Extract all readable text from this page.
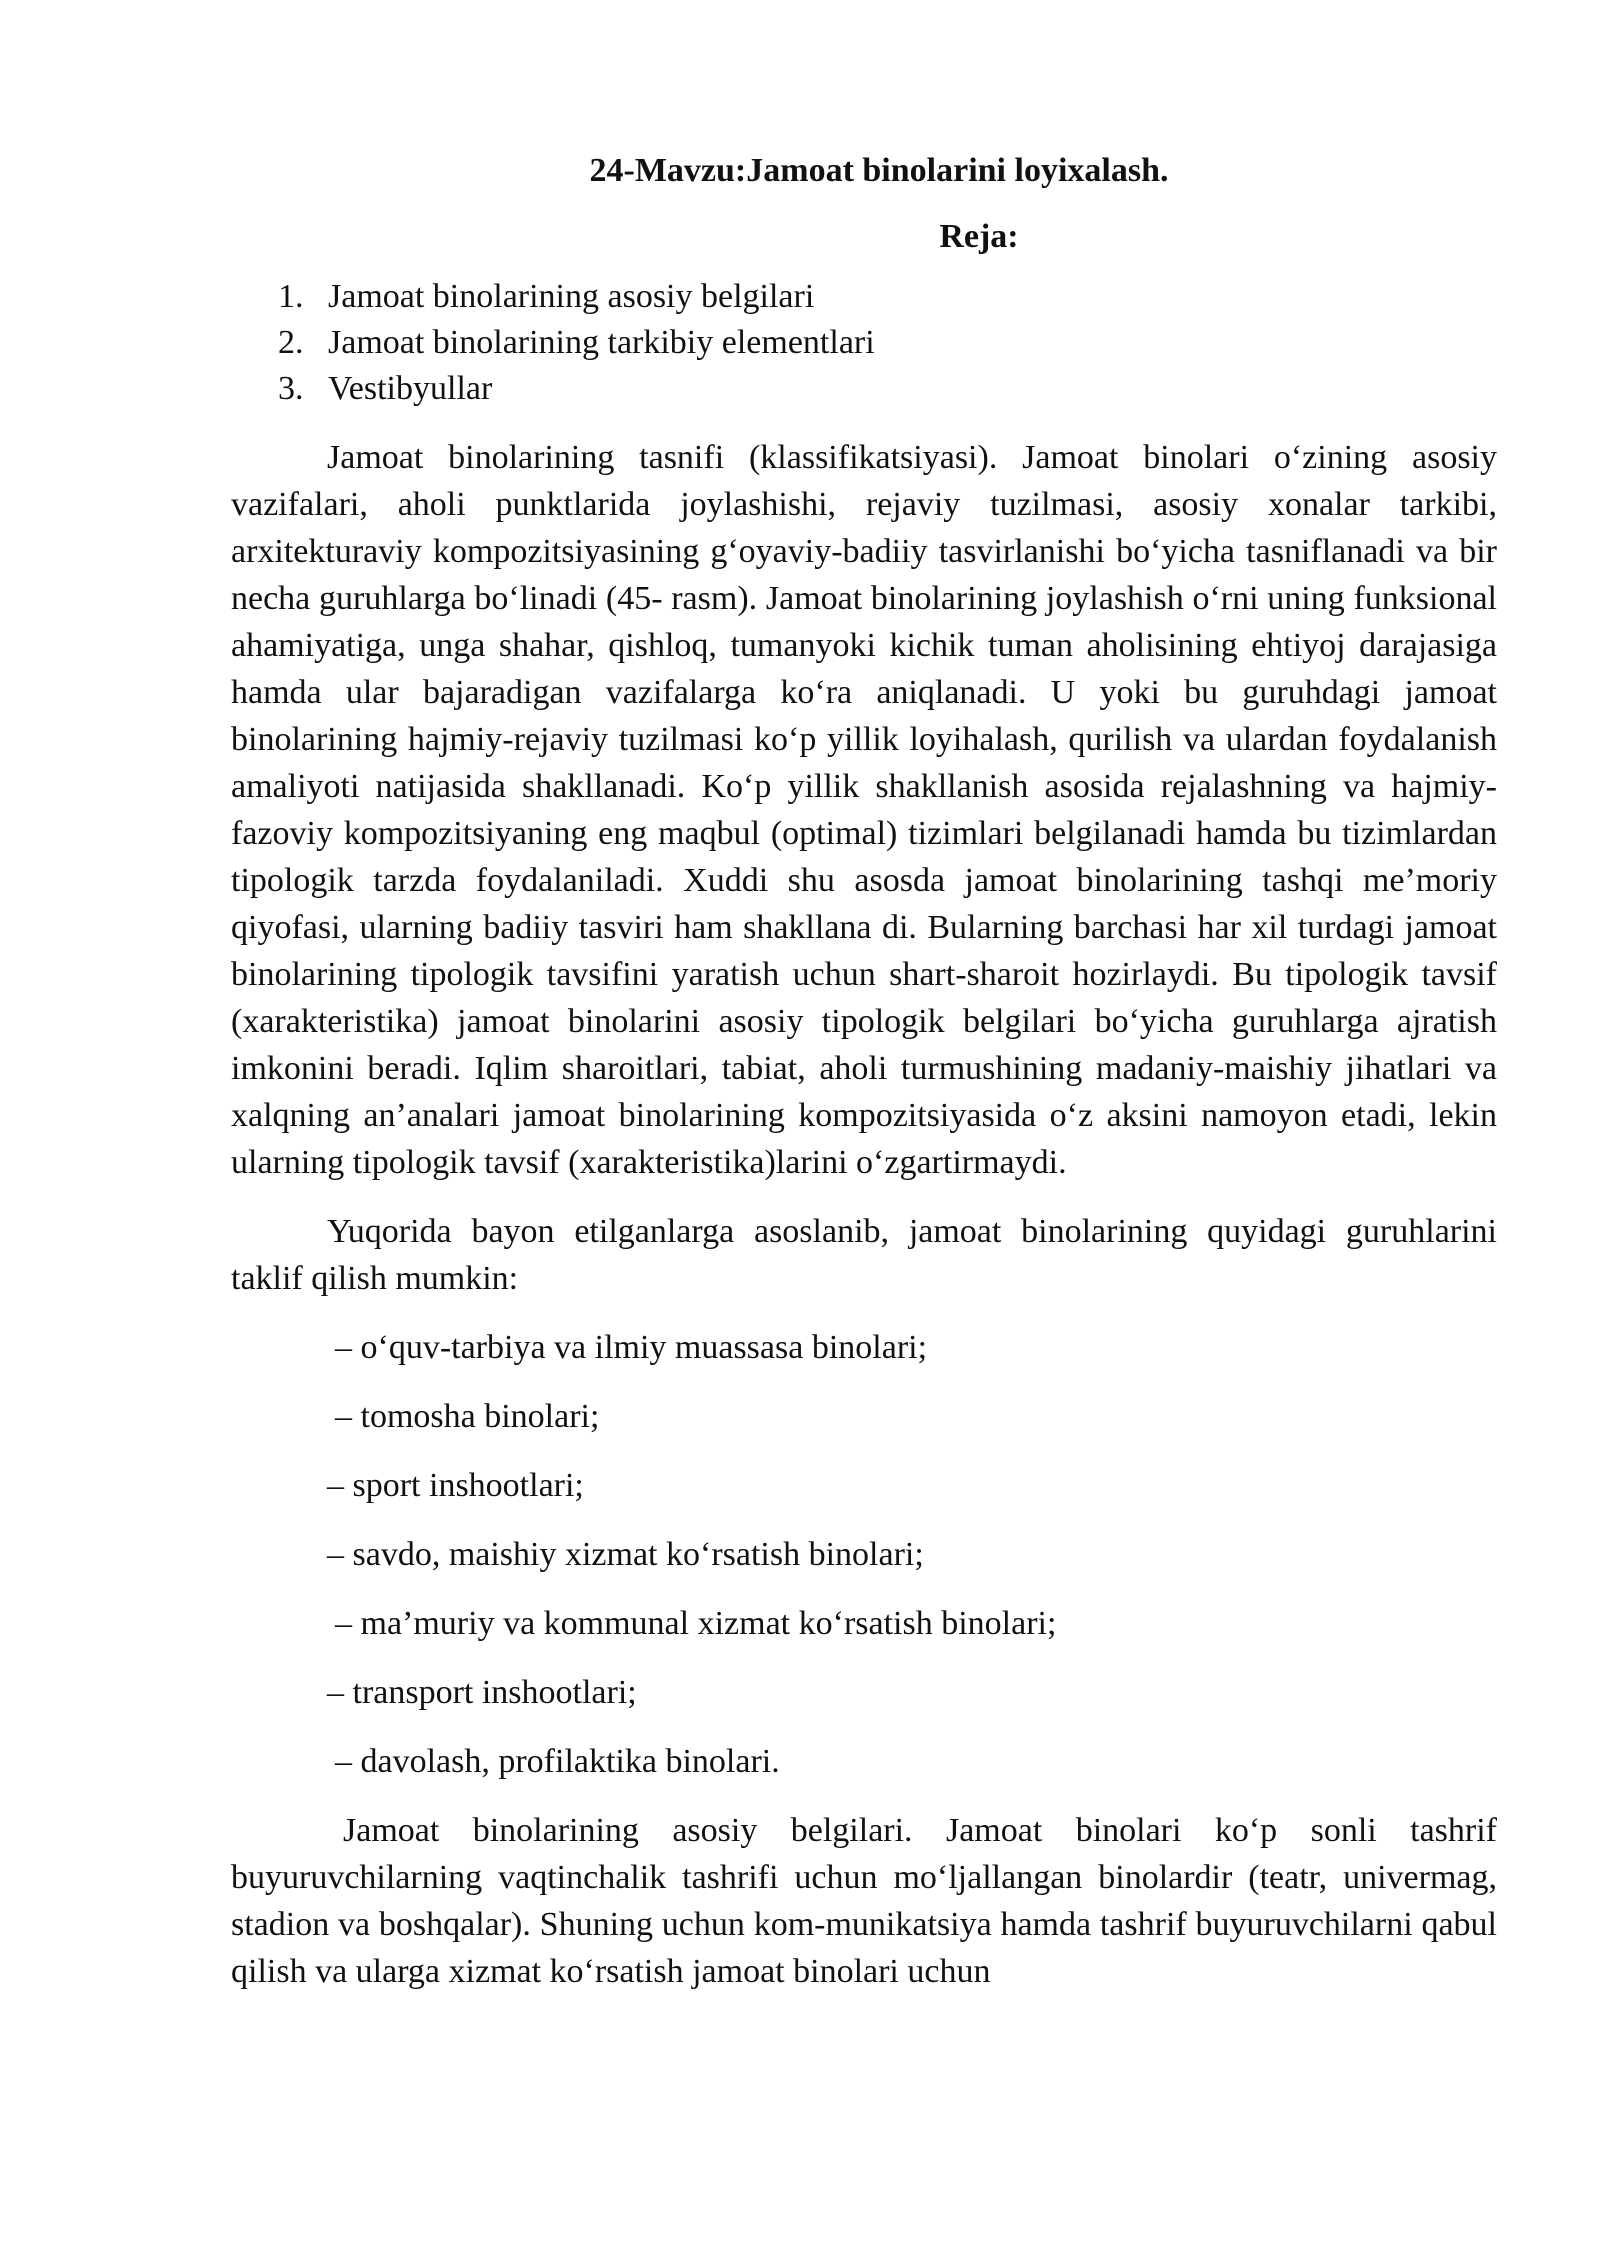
24-Mavzu:Jamoat binolarini loyixalash.
Reja:
1. Jamoat binolarining asosiy belgilari
2. Jamoat binolarining tarkibiy elementlari
3. Vestibyullar

Jamoat binolarining tasnifi (klassifikatsiyasi). Jamoat binolari o‘zining asosiy vazifalari, aholi punktlarida joylashishi, rejaviy tuzilmasi, asosiy xonalar tarkibi, arxitekturaviy kompozitsiyasining g‘oyaviy-badiiy tasvirlanishi bo‘yicha tasniflanadi va bir necha guruhlarga bo‘linadi (45- rasm). Jamoat binolarining joylashish o‘rni uning funksional ahamiyatiga, unga shahar, qishloq, tumanyoki kichik tuman aholisining ehtiyoj darajasiga hamda ular bajaradigan vazifalarga ko‘ra aniqlanadi. U yoki bu guruhdagi jamoat binolarining hajmiy-rejaviy tuzilmasi ko‘p yillik loyihalash, qurilish va ulardan foydalanish amaliyoti natijasida shakllanadi. Ko‘p yillik shakllanish asosida rejalashning va hajmiy-fazoviy kompozitsiyaning eng maqbul (optimal) tizimlari belgilanadi hamda bu tizimlardan tipologik tarzda foydalaniladi. Xuddi shu asosda jamoat binolarining tashqi me’moriy qiyofasi, ularning badiiy tasviri ham shakllana di. Bularning barchasi har xil turdagi jamoat binolarining tipologik tavsifini yaratish uchun shart-sharoit hozirlaydi. Bu tipologik tavsif (xarakteristika) jamoat binolarini asosiy tipologik belgilari bo‘yicha guruhlarga ajratish imkonini beradi. Iqlim sharoitlari, tabiat, aholi turmushining madaniy-maishiy jihatlari va xalqning an’analari jamoat binolarining kompozitsiyasida o‘z aksini namoyon etadi, lekin ularning tipologik tavsif (xarakteristika)larini o‘zgartirmaydi.

Yuqorida bayon etilganlarga asoslanib, jamoat binolarining quyidagi guruhlarini taklif qilish mumkin:

– o‘quv-tarbiya va ilmiy muassasa binolari;
– tomosha binolari;
– sport inshootlari;
– savdo, maishiy xizmat ko‘rsatish binolari;
– ma’muriy va kommunal xizmat ko‘rsatish binolari;
– transport inshootlari;
– davolash, profilaktika binolari.

Jamoat binolarining asosiy belgilari. Jamoat binolari ko‘p sonli tashrif buyuruvchilarning vaqtinchalik tashrifi uchun mo‘ljallangan binolardir (teatr, univermag, stadion va boshqalar). Shuning uchun kom-munikatsiya hamda tashrif buyuruvchilarni qabul qilish va ularga xizmat ko‘rsatish jamoat binolari uchun
